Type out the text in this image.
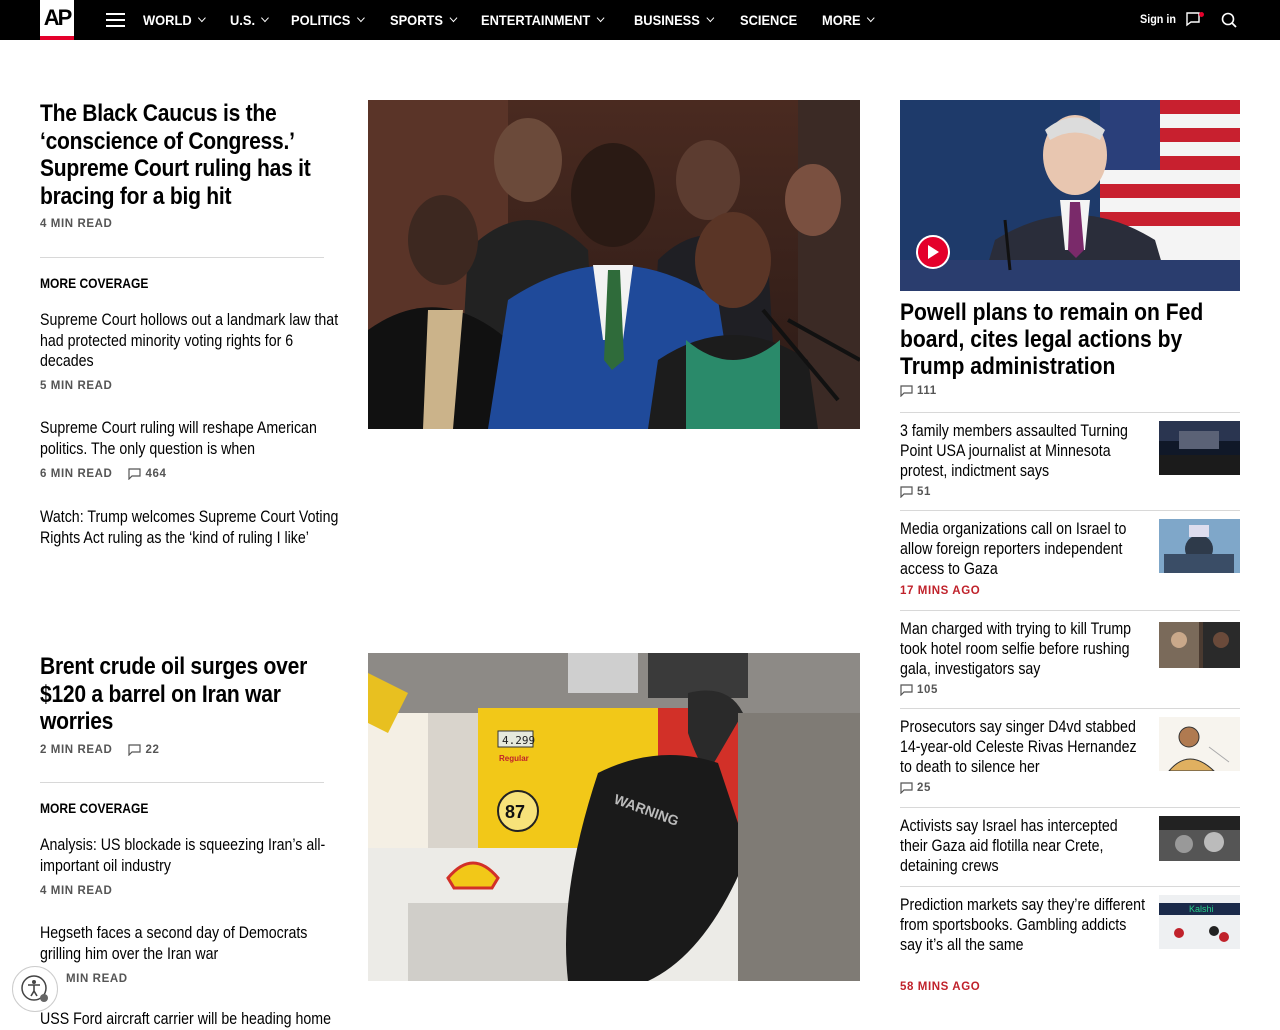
AP	WORLD	U.S.	POLITICS	SPORTS	ENTERTAINMENT	BUSINESS	SCIENCE MORE	Sign in
The Black Caucus is the ‘conscience of Congress.’ Supreme Court ruling has it bracing for a big hit
4 MIN READ
MORE COVERAGE
Supreme Court hollows out a landmark law that had protected minority voting rights for 6 decades
5 MIN READ
Supreme Court ruling will reshape American politics. The only question is when
6 MIN READ	464
Watch: Trump welcomes Supreme Court Voting Rights Act ruling as the ‘kind of ruling I like’
Brent crude oil surges over $120 a barrel on Iran war worries
2 MIN READ	22
MORE COVERAGE
Analysis: US blockade is squeezing Iran’s all-important oil industry
4 MIN READ
Hegseth faces a second day of Democrats grilling him over the Iran war
MIN READ
USS Ford aircraft carrier will be heading home
4.299
Regular
87	WARNING
Powell plans to remain on Fed board, cites legal actions by Trump administration
111
3 family members assaulted Turning Point USA journalist at Minnesota protest, indictment says
51
Media organizations call on Israel to allow foreign reporters independent access to Gaza
17 MINS AGO
Man charged with trying to kill Trump took hotel room selfie before rushing gala, investigators say
105
Prosecutors say singer D4vd stabbed 14-year-old Celeste Rivas Hernandez to death to silence her
25
Activists say Israel has intercepted their Gaza aid flotilla near Crete, detaining crews
Prediction markets say they’re different from sportsbooks. Gambling addicts say it’s all the same
58 MINS AGO
Kalshi
